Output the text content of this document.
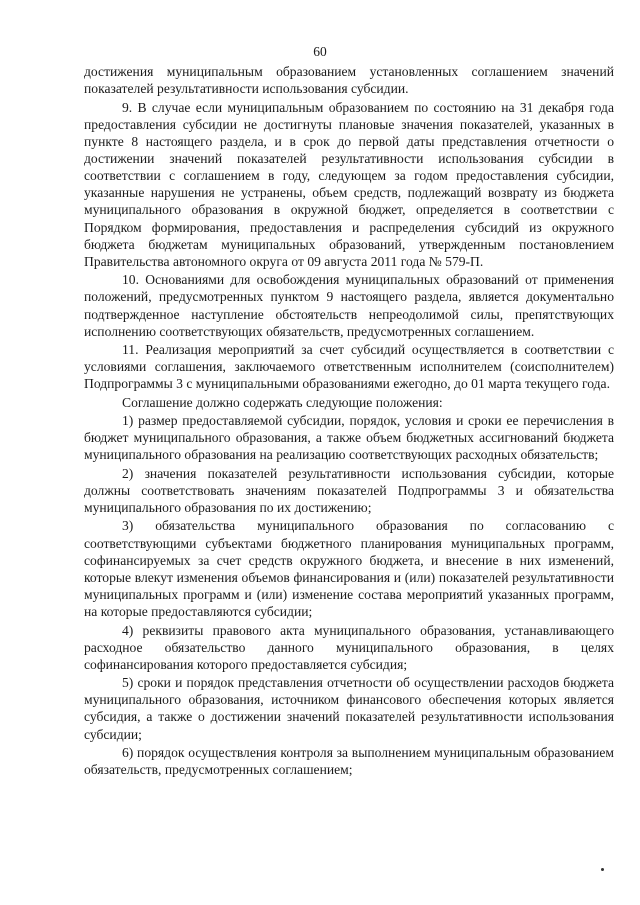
60

достижения муниципальным образованием установленных соглашением значений показателей результативности использования субсидии.

9. В случае если муниципальным образованием по состоянию на 31 декабря года предоставления субсидии не достигнуты плановые значения показателей, указанных в пункте 8 настоящего раздела, и в срок до первой даты представления отчетности о достижении значений показателей результативности использования субсидии в соответствии с соглашением в году, следующем за годом предоставления субсидии, указанные нарушения не устранены, объем средств, подлежащий возврату из бюджета муниципального образования в окружной бюджет, определяется в соответствии с Порядком формирования, предоставления и распределения субсидий из окружного бюджета бюджетам муниципальных образований, утвержденным постановлением Правительства автономного округа от 09 августа 2011 года № 579-П.

10. Основаниями для освобождения муниципальных образований от применения положений, предусмотренных пунктом 9 настоящего раздела, является документально подтвержденное наступление обстоятельств непреодолимой силы, препятствующих исполнению соответствующих обязательств, предусмотренных соглашением.

11. Реализация мероприятий за счет субсидий осуществляется в соответствии с условиями соглашения, заключаемого ответственным исполнителем (соисполнителем) Подпрограммы 3 с муниципальными образованиями ежегодно, до 01 марта текущего года.

Соглашение должно содержать следующие положения:

1) размер предоставляемой субсидии, порядок, условия и сроки ее перечисления в бюджет муниципального образования, а также объем бюджетных ассигнований бюджета муниципального образования на реализацию соответствующих расходных обязательств;

2) значения показателей результативности использования субсидии, которые должны соответствовать значениям показателей Подпрограммы 3 и обязательства муниципального образования по их достижению;

3) обязательства муниципального образования по согласованию с соответствующими субъектами бюджетного планирования муниципальных программ, софинансируемых за счет средств окружного бюджета, и внесение в них изменений, которые влекут изменения объемов финансирования и (или) показателей результативности муниципальных программ и (или) изменение состава мероприятий указанных программ, на которые предоставляются субсидии;

4) реквизиты правового акта муниципального образования, устанавливающего расходное обязательство данного муниципального образования, в целях софинансирования которого предоставляется субсидия;

5) сроки и порядок представления отчетности об осуществлении расходов бюджета муниципального образования, источником финансового обеспечения которых является субсидия, а также о достижении значений показателей результативности использования субсидии;

6) порядок осуществления контроля за выполнением муниципальным образованием обязательств, предусмотренных соглашением;
